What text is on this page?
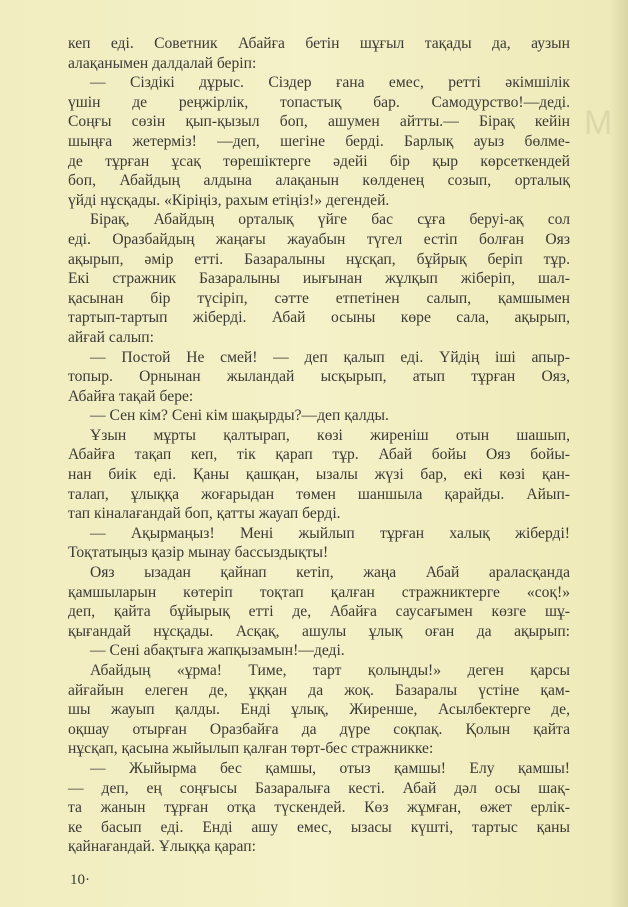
M
кеп еді. Советник Абайға бетін шұғыл тақады да, аузын
алақанымен далдалай беріп:
— Сіздікі дұрыс. Сіздер ғана емес, ретті әкімшілік
үшін де реңжірлік, топастық бар. Самодурство!—деді.
Соңғы сөзін қып-қызыл боп, ашумен айтты.— Бірақ кейін
шыңға жетерміз! —деп, шегіне берді. Барлық ауыз бөлме-
де тұрған ұсақ төрешіктерге әдейі бір қыр көрсеткендей
боп, Абайдың алдына алақанын көлденең созып, орталық
үйді нұсқады. «Кіріңіз, рахым етіңіз!» дегендей.
Бірақ, Абайдың орталық үйге бас сұға беруі-ақ сол
еді. Оразбайдың жаңағы жауабын түгел естіп болған Ояз
ақырып, әмір етті. Базаралыны нұсқап, бұйрық беріп тұр.
Екі стражник Базаралыны иығынан жұлқып жіберіп, шал-
қасынан бір түсіріп, сәтте етпетінен салып, қамшымен
тартып-тартып жіберді. Абай осыны көре сала, ақырып,
айғай салып:
— Постой Не смей! — деп қалып еді. Үйдің іші апыр-
топыр. Орнынан жыландай ысқырып, атып тұрған Ояз,
Абайға тақай бере:
— Сен кім? Сені кім шақырды?—деп қалды.
Ұзын мұрты қалтырап, көзі жиреніш отын шашып,
Абайға тақап кеп, тік қарап тұр. Абай бойы Ояз бойы-
нан биік еді. Қаны қашқан, ызалы жүзі бар, екі көзі қан-
талап, ұлыққа жоғарыдан төмен шаншыла қарайды. Айып-
тап кіналағандай боп, қатты жауап берді.
— Ақырмаңыз! Мені жыйлып тұрған халық жіберді!
Тоқтатыңыз қазір мынау бассыздықты!
Ояз ызадан қайнап кетіп, жаңа Абай араласқанда
қамшыларын көтеріп тоқтап қалған стражниктерге «соқ!»
деп, қайта бұйырық етті де, Абайға саусағымен көзге шұ-
қығандай нұсқады. Асқақ, ашулы ұлық оған да ақырып:
— Сені абақтыға жапқызамын!—деді.
Абайдың «ұрма! Тиме, тарт қолыңды!» деген қарсы
айғайын елеген де, ұққан да жоқ. Базаралы үстіне қам-
шы жауып қалды. Енді ұлық, Жиренше, Асылбектерге де,
оқшау отырған Оразбайға да дүре соқпақ. Қолын қайта
нұсқап, қасына жыйылып қалған төрт-бес стражникке:
— Жыйырма бес қамшы, отыз қамшы! Елу қамшы!
— деп, ең соңғысы Базаралыға кесті. Абай дәл осы шақ-
та жанын тұрған отқа түскендей. Көз жұмған, өжет ерлік-
ке басып еді. Енді ашу емес, ызасы күшті, тартыс қаны
қайнағандай. Ұлыққа қарап:
10·
